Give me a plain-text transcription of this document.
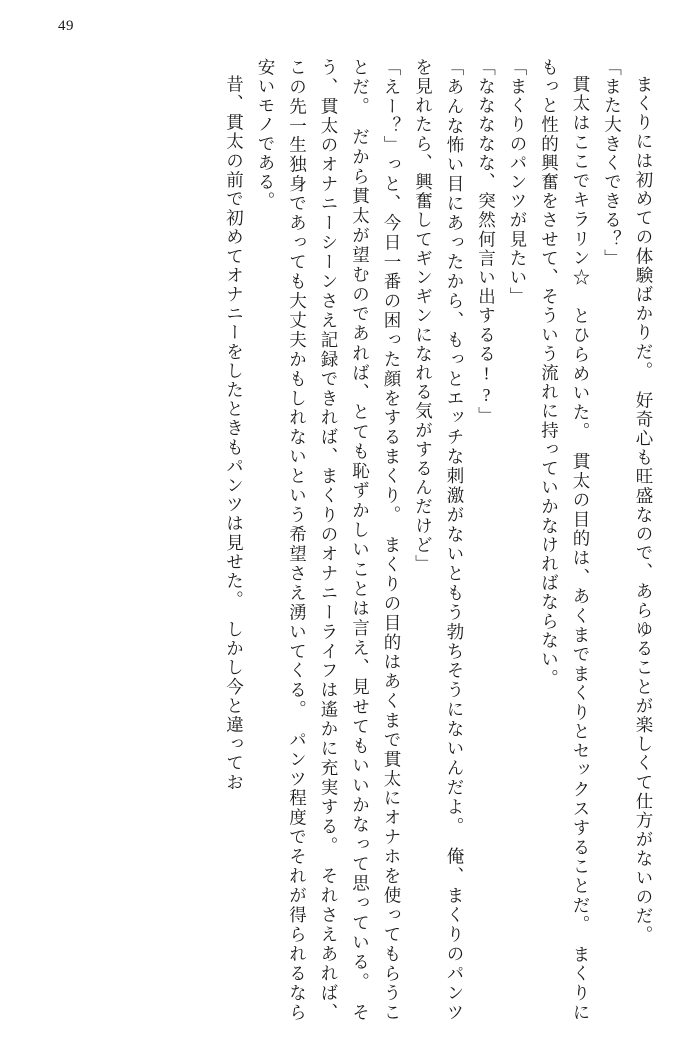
49

まくりには初めての体験ばかりだ。　好奇心も旺盛なので、あらゆることが楽しくて仕方がないのだ。

「また大きくできる？」

貫太はここでキラリン☆　とひらめいた。　貫太の目的は、あくまでまくりとセックスすることだ。　まくりにもっと性的興奮をさせて、そういう流れに持っていかなければならない。

「まくりのパンツが見たい」

「ななななな、突然何言い出するる!?」

「あんな怖い目にあったから、もっとエッチな刺激がないともう勃ちそうにないんだよ。　俺、まくりのパンツを見れたら、興奮してギンギンになれる気がするんだけど」

「えー？」っと、今日一番の困った顔をするまくり。　まくりの目的はあくまで貫太にオナホを使ってもらうことだ。　だから貫太が望むのであれば、とても恥ずかしいことは言え、見せてもいいかなって思っている。　そう、貫太のオナニーシーンさえ記録できれば、まくりのオナニーライフは遙かに充実する。　それさえあれば、この先一生独身であっても大丈夫かもしれないという希望さえ湧いてくる。　パンツ程度でそれが得られるなら安いモノである。

昔、貫太の前で初めてオナニーをしたときもパンツは見せた。　しかし今と違ってお
